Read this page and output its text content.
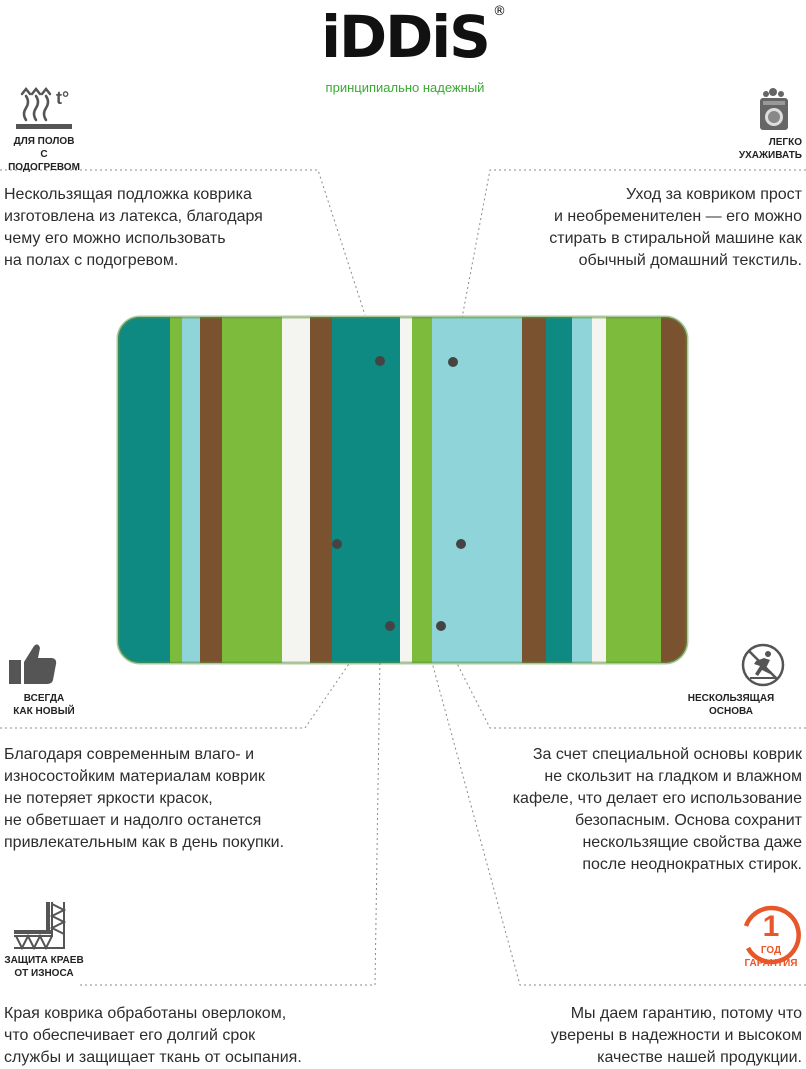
iDDiS ®
принципиально надежный
t°
ДЛЯ ПОЛОВ
С ПОДОГРЕВОМ
Нескользящая подложка коврика
изготовлена из латекса, благодаря
чему его можно использовать
на полах с подогревом.
ЛЕГКО
УХАЖИВАТЬ
Уход за ковриком прост
и необременителен — его можно
стирать в стиральной машине как
обычный домашний текстиль.
ВСЕГДА
КАК НОВЫЙ
Благодаря современным влаго- и
износостойким материалам коврик
не потеряет яркости красок,
не обветшает и надолго останется
привлекательным как в день покупки.
НЕСКОЛЬЗЯЩАЯ
ОСНОВА
За счет специальной основы коврик
не скользит на гладком и влажном
кафеле, что делает его использование
безопасным. Основа сохранит
нескользящие свойства даже
после неоднократных стирок.
ЗАЩИТА КРАЕВ
ОТ ИЗНОСА
Края коврика обработаны оверлоком,
что обеспечивает его долгий срок
службы и защищает ткань от осыпания.
1
ГОД
ГАРАНТИЯ
Мы даем гарантию, потому что
уверены в надежности и высоком
качестве нашей продукции.
